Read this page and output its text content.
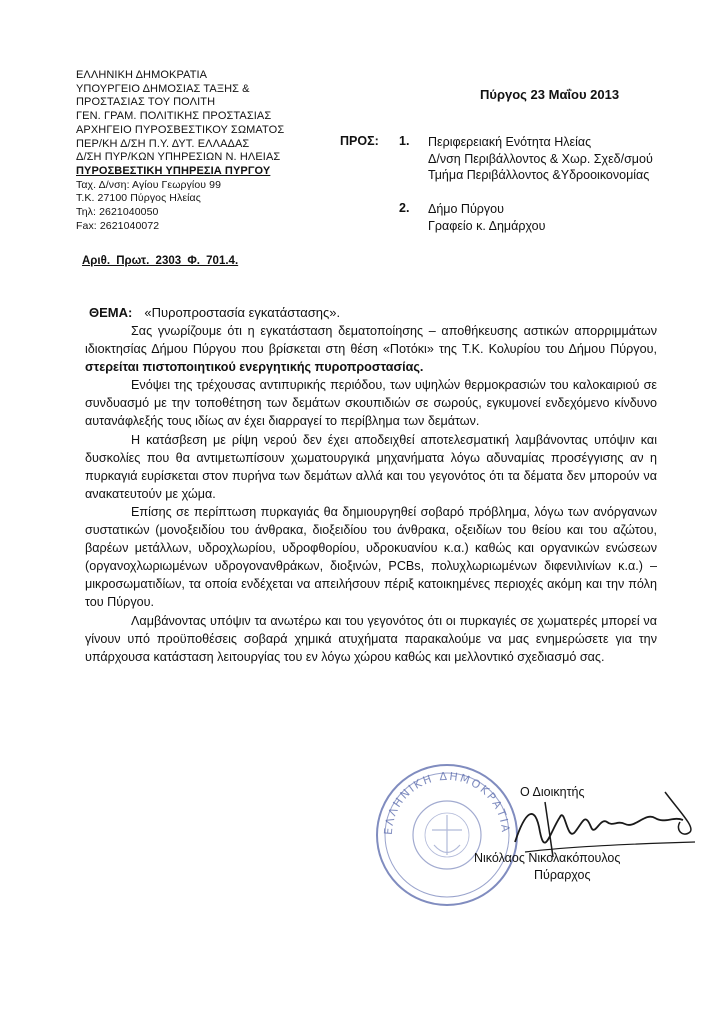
ΕΛΛΗΝΙΚΗ ΔΗΜΟΚΡΑΤΙΑ
ΥΠΟΥΡΓΕΙΟ ΔΗΜΟΣΙΑΣ ΤΑΞΗΣ &
ΠΡΟΣΤΑΣΙΑΣ ΤΟΥ ΠΟΛΙΤΗ
ΓΕΝ. ΓΡΑΜ. ΠΟΛΙΤΙΚΗΣ ΠΡΟΣΤΑΣΙΑΣ
ΑΡΧΗΓΕΙΟ ΠΥΡΟΣΒΕΣΤΙΚΟΥ ΣΩΜΑΤΟΣ
ΠΕΡ/ΚΗ Δ/ΣΗ Π.Υ. ΔΥΤ. ΕΛΛΑΔΑΣ
Δ/ΣΗ ΠΥΡ/ΚΩΝ ΥΠΗΡΕΣΙΩΝ Ν. ΗΛΕΙΑΣ
ΠΥΡΟΣΒΕΣΤΙΚΗ ΥΠΗΡΕΣΙΑ ΠΥΡΓΟΥ
Ταχ. Δ/νση: Αγίου Γεωργίου 99
Τ.Κ. 27100 Πύργος Ηλείας
Τηλ: 2621040050
Fax: 2621040072
Αριθ. Πρωτ. 2303 Φ. 701.4.
Πύργος 23 Μαΐου 2013
ΠΡΟΣ: 1. Περιφερειακή Ενότητα Ηλείας
Δ/νση Περιβάλλοντος & Χωρ. Σχεδ/σμού
Τμήμα Περιβάλλοντος &Υδροοικονομίας
2. Δήμο Πύργου
Γραφείο κ. Δημάρχου
ΘΕΜΑ: «Πυροπροστασία εγκατάστασης».

Σας γνωρίζουμε ότι η εγκατάσταση δεματοποίησης – αποθήκευσης αστικών απορριμμάτων ιδιοκτησίας Δήμου Πύργου που βρίσκεται στη θέση «Ποτόκι» της Τ.Κ. Κολυρίου του Δήμου Πύργου, στερείται πιστοποιητικού ενεργητικής πυροπροστασίας.

Ενόψει της τρέχουσας αντιπυρικής περιόδου, των υψηλών θερμοκρασιών του καλοκαιριού σε συνδυασμό με την τοποθέτηση των δεμάτων σκουπιδιών σε σωρούς, εγκυμονεί ενδεχόμενο κίνδυνο αυτανάφλεξής τους ιδίως αν έχει διαρραγεί το περίβλημα των δεμάτων.

Η κατάσβεση με ρίψη νερού δεν έχει αποδειχθεί αποτελεσματική λαμβάνοντας υπόψιν και δυσκολίες που θα αντιμετωπίσουν χωματουργικά μηχανήματα λόγω αδυναμίας προσέγγισης αν η πυρκαγιά ευρίσκεται στον πυρήνα των δεμάτων αλλά και του γεγονότος ότι τα δέματα δεν μπορούν να ανακατευτούν με χώμα.

Επίσης σε περίπτωση πυρκαγιάς θα δημιουργηθεί σοβαρό πρόβλημα, λόγω των ανόργανων συστατικών (μονοξειδίου του άνθρακα, διοξειδίου του άνθρακα, οξειδίων του θείου και του αζώτου, βαρέων μετάλλων, υδροχλωρίου, υδροφθορίου, υδροκυανίου κ.α.) καθώς και οργανικών ενώσεων (οργανοχλωριωμένων υδρογονανθράκων, διοξινών, PCBs, πολυχλωριωμένων διφενιλινίων κ.α.) – μικροσωματιδίων, τα οποία ενδέχεται να απειλήσουν πέριξ κατοικημένες περιοχές ακόμη και την πόλη του Πύργου.

Λαμβάνοντας υπόψιν τα ανωτέρω και του γεγονότος ότι οι πυρκαγιές σε χωματερές μπορεί να γίνουν υπό προϋποθέσεις σοβαρά χημικά ατυχήματα παρακαλούμε να μας ενημερώσετε για την υπάρχουσα κατάσταση λειτουργίας του εν λόγω χώρου καθώς και μελλοντικό σχεδιασμό σας.

ΕΛΛΗΝΙΚΗ ΔΗΜΟΚΡΑΤΙΑ
Ο Διοικητής
Νικόλαος Νικολακόπουλος
Πύραρχος
